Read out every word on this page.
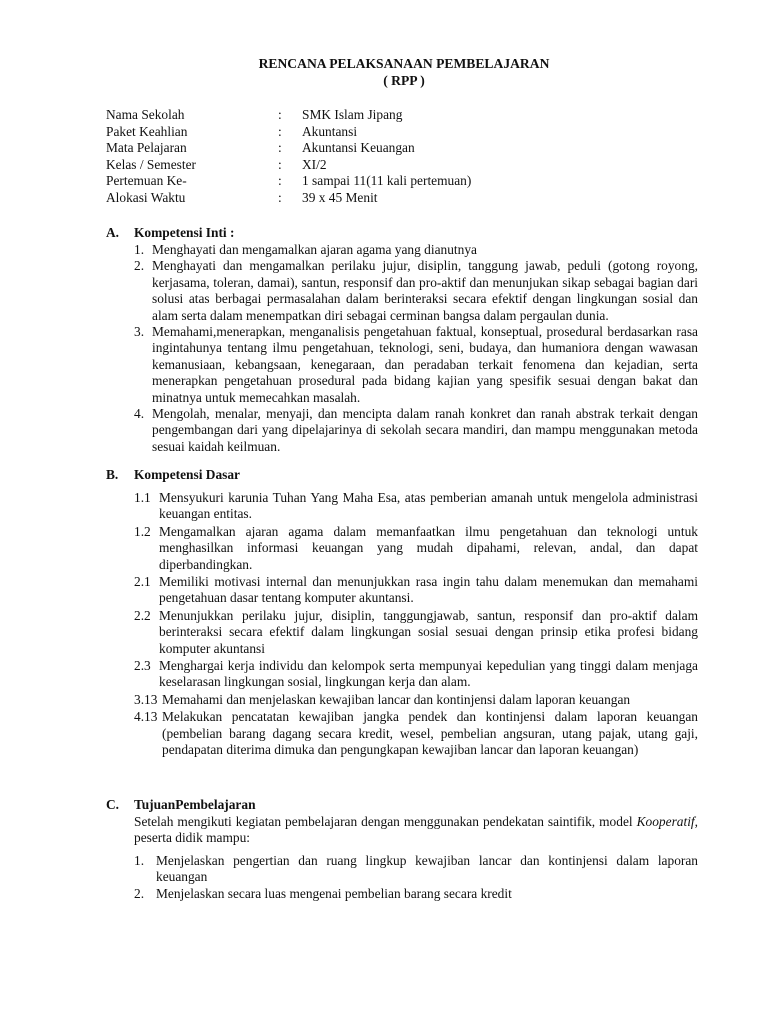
RENCANA PELAKSANAAN PEMBELAJARAN
( RPP )
Nama Sekolah	:	SMK Islam Jipang
Paket Keahlian	:	Akuntansi
Mata Pelajaran	:	Akuntansi Keuangan
Kelas / Semester	:	XI/2
Pertemuan Ke-	:	1 sampai 11(11 kali pertemuan)
Alokasi Waktu	:	39 x 45 Menit
A.	Kompetensi Inti :
1. Menghayati dan mengamalkan ajaran agama yang dianutnya
2. Menghayati dan mengamalkan perilaku jujur, disiplin, tanggung jawab, peduli (gotong royong, kerjasama, toleran, damai), santun, responsif dan pro-aktif dan menunjukan sikap sebagai bagian dari solusi atas berbagai permasalahan dalam berinteraksi secara efektif dengan lingkungan sosial dan alam serta dalam menempatkan diri sebagai cerminan bangsa dalam pergaulan dunia.
3. Memahami,menerapkan, menganalisis pengetahuan faktual, konseptual, prosedural berdasarkan rasa ingintahunya tentang ilmu pengetahuan, teknologi, seni, budaya, dan humaniora dengan wawasan kemanusiaan, kebangsaan, kenegaraan, dan peradaban terkait fenomena dan kejadian, serta menerapkan pengetahuan prosedural pada bidang kajian yang spesifik sesuai dengan bakat dan minatnya untuk memecahkan masalah.
4. Mengolah, menalar, menyaji, dan mencipta dalam ranah konkret dan ranah abstrak terkait dengan pengembangan dari yang dipelajarinya di sekolah secara mandiri, dan mampu menggunakan metoda sesuai kaidah keilmuan.
B.	Kompetensi Dasar
1.1 Mensyukuri karunia Tuhan Yang Maha Esa, atas pemberian amanah untuk mengelola administrasi keuangan entitas.
1.2 Mengamalkan ajaran agama dalam memanfaatkan ilmu pengetahuan dan teknologi untuk menghasilkan informasi keuangan yang mudah dipahami, relevan, andal, dan dapat diperbandingkan.
2.1 Memiliki motivasi internal dan menunjukkan rasa ingin tahu dalam menemukan dan memahami pengetahuan dasar tentang komputer akuntansi.
2.2 Menunjukkan perilaku jujur, disiplin, tanggungjawab, santun, responsif dan pro-aktif dalam berinteraksi secara efektif dalam lingkungan sosial sesuai dengan prinsip etika profesi bidang komputer akuntansi
2.3 Menghargai kerja individu dan kelompok serta mempunyai kepedulian yang tinggi dalam menjaga keselarasan lingkungan sosial, lingkungan kerja dan alam.
3.13 Memahami dan menjelaskan kewajiban lancar dan kontinjensi dalam laporan keuangan
4.13 Melakukan pencatatan kewajiban jangka pendek dan kontinjensi dalam laporan keuangan (pembelian barang dagang secara kredit, wesel, pembelian angsuran, utang pajak, utang gaji, pendapatan diterima dimuka dan pengungkapan kewajiban lancar dan laporan keuangan)
C.	TujuanPembelajaran
Setelah mengikuti kegiatan pembelajaran dengan menggunakan pendekatan saintifik, model Kooperatif, peserta didik mampu:
1. Menjelaskan pengertian dan ruang lingkup kewajiban lancar dan kontinjensi dalam laporan keuangan
2. Menjelaskan secara luas mengenai pembelian barang secara kredit
